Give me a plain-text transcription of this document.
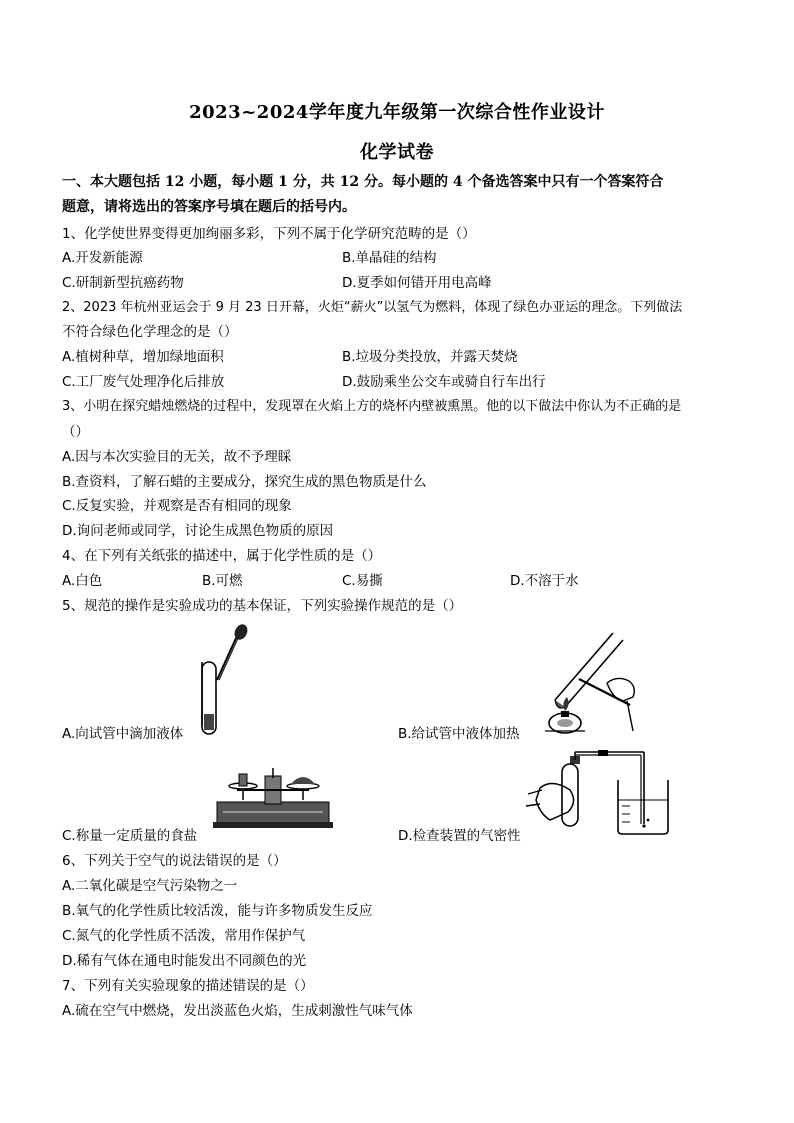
2023~2024学年度九年级第一次综合性作业设计
化学试卷
一、本大题包括 12 小题，每小题 1 分，共 12 分。每小题的 4 个备选答案中只有一个答案符合
题意，请将选出的答案序号填在题后的括号内。
1、化学使世界变得更加绚丽多彩，下列不属于化学研究范畴的是（）
A.开发新能源	B.单晶硅的结构
C.研制新型抗癌药物	D.夏季如何错开用电高峰
2、2023 年杭州亚运会于 9 月 23 日开幕，火炬“薪火”以氢气为燃料，体现了绿色办亚运的理念。下列做法
不符合绿色化学理念的是（）
A.植树种草，增加绿地面积	B.垃圾分类投放，并露天焚烧
C.工厂废气处理净化后排放	D.鼓励乘坐公交车或骑自行车出行
3、小明在探究蜡烛燃烧的过程中，发现罩在火焰上方的烧杯内壁被熏黑。他的以下做法中你认为不正确的是
（）
A.因与本次实验目的无关，故不予理睬
B.查资料，了解石蜡的主要成分，探究生成的黑色物质是什么
C.反复实验，并观察是否有相同的现象
D.询问老师或同学，讨论生成黑色物质的原因
4、在下列有关纸张的描述中，属于化学性质的是（）
A.白色	B.可燃	C.易撕	D.不溶于水
5、规范的操作是实验成功的基本保证，下列实验操作规范的是（）
A.向试管中滴加液体	B.给试管中液体加热
C.称量一定质量的食盐	D.检查装置的气密性
6、下列关于空气的说法错误的是（）
A.二氧化碳是空气污染物之一
B.氧气的化学性质比较活泼，能与许多物质发生反应
C.氮气的化学性质不活泼，常用作保护气
D.稀有气体在通电时能发出不同颜色的光
7、下列有关实验现象的描述错误的是（）
A.硫在空气中燃烧，发出淡蓝色火焰，生成刺激性气味气体
